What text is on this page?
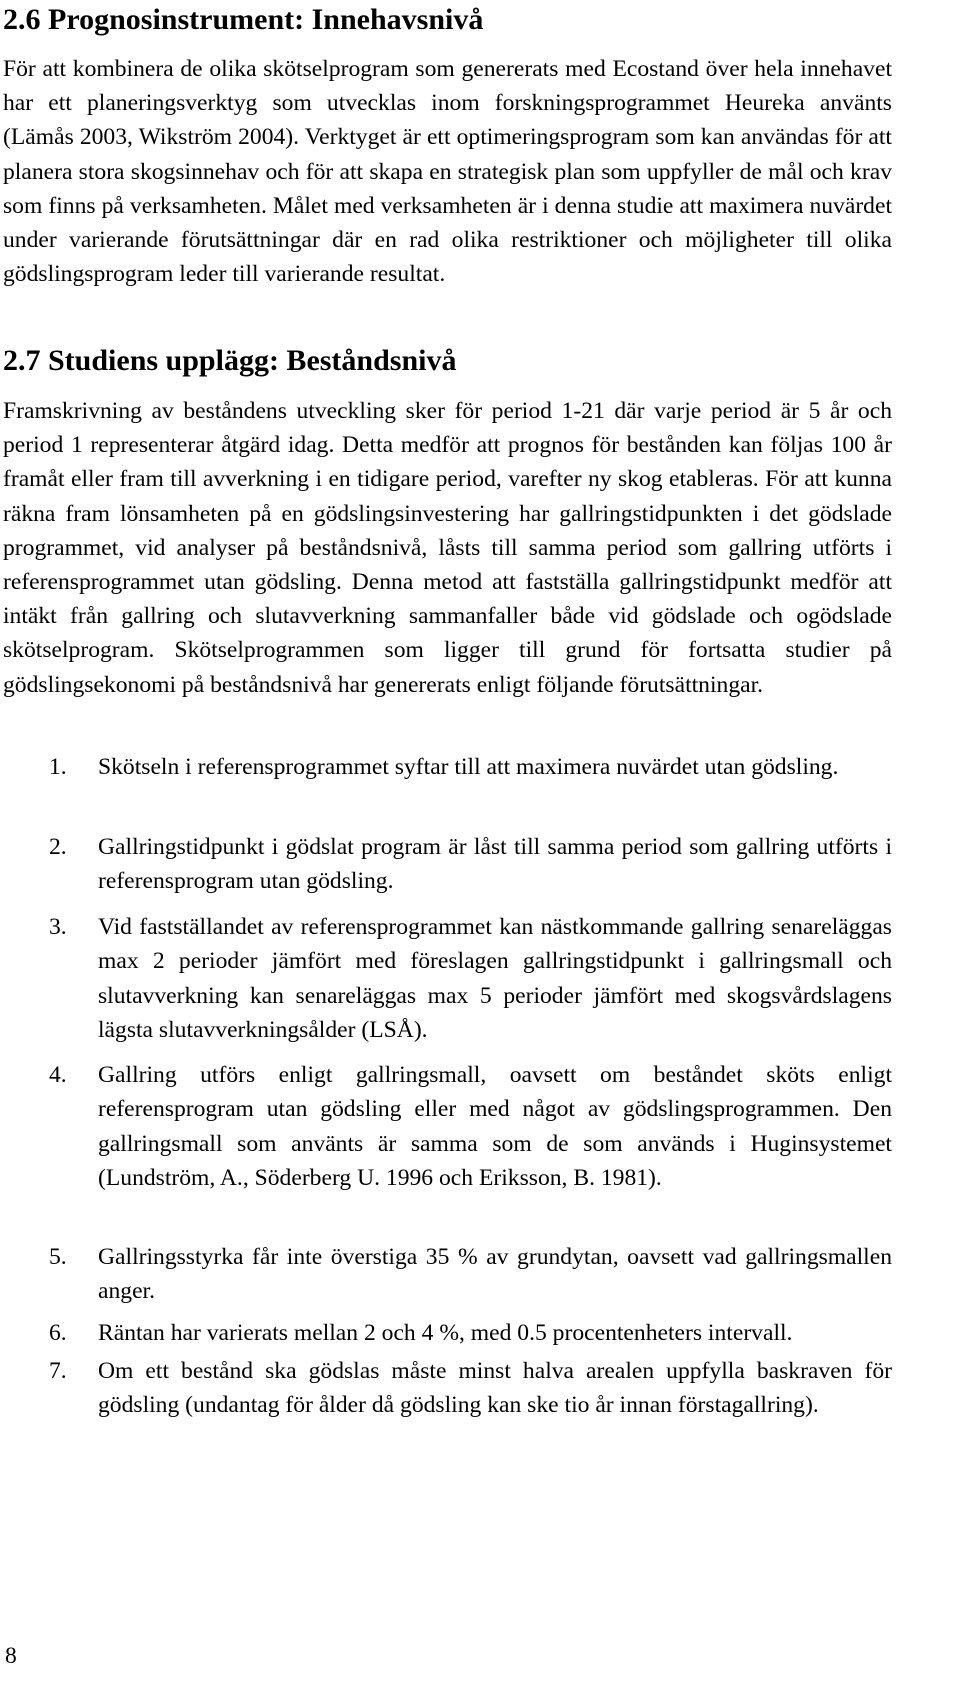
2.6 Prognosinstrument: Innehavsnivå

För att kombinera de olika skötselprogram som genererats med Ecostand över hela innehavet har ett planeringsverktyg som utvecklas inom forskningsprogrammet Heureka använts (Lämås 2003, Wikström 2004). Verktyget är ett optimeringsprogram som kan användas för att planera stora skogsinnehav och för att skapa en strategisk plan som uppfyller de mål och krav som finns på verksamheten. Målet med verksamheten är i denna studie att maximera nuvärdet under varierande förutsättningar där en rad olika restriktioner och möjligheter till olika gödslingsprogram leder till varierande resultat.

2.7 Studiens upplägg: Beståndsnivå

Framskrivning av beståndens utveckling sker för period 1-21 där varje period är 5 år och period 1 representerar åtgärd idag. Detta medför att prognos för bestånden kan följas 100 år framåt eller fram till avverkning i en tidigare period, varefter ny skog etableras. För att kunna räkna fram lönsamheten på en gödslingsinvestering har gallringstidpunkten i det gödslade programmet, vid analyser på beståndsnivå, låsts till samma period som gallring utförts i referensprogrammet utan gödsling. Denna metod att fastställa gallringstidpunkt medför att intäkt från gallring och slutavverkning sammanfaller både vid gödslade och ogödslade skötselprogram. Skötselprogrammen som ligger till grund för fortsatta studier på gödslingsekonomi på beståndsnivå har genererats enligt följande förutsättningar.

1. Skötseln i referensprogrammet syftar till att maximera nuvärdet utan gödsling.
2. Gallringstidpunkt i gödslat program är låst till samma period som gallring utförts i referensprogram utan gödsling.
3. Vid fastställandet av referensprogrammet kan nästkommande gallring senareläggas max 2 perioder jämfört med föreslagen gallringstidpunkt i gallringsmall och slutavverkning kan senareläggas max 5 perioder jämfört med skogsvårdslagens lägsta slutavverkningsålder (LSÅ).
4. Gallring utförs enligt gallringsmall, oavsett om beståndet sköts enligt referensprogram utan gödsling eller med något av gödslingsprogrammen. Den gallringsmall som använts är samma som de som används i Huginsystemet (Lundström, A., Söderberg U. 1996 och Eriksson, B. 1981).
5. Gallringsstyrka får inte överstiga 35 % av grundytan, oavsett vad gallringsmallen anger.
6. Räntan har varierats mellan 2 och 4 %, med 0.5 procentenheters intervall.
7. Om ett bestånd ska gödslas måste minst halva arealen uppfylla baskraven för gödsling (undantag för ålder då gödsling kan ske tio år innan förstagallring).
8
